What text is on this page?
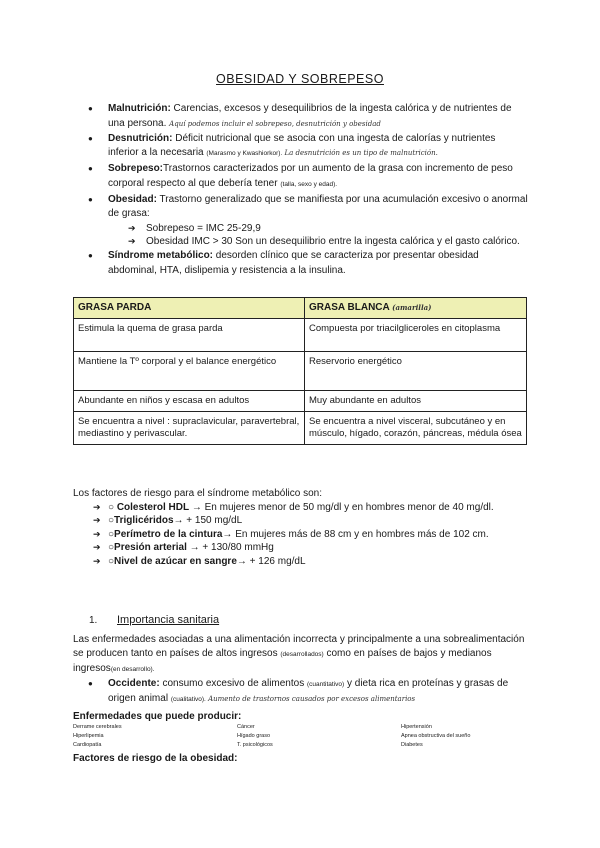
OBESIDAD Y SOBREPESO
● Malnutrición: Carencias, excesos y desequilibrios de la ingesta calórica y de nutrientes de una persona. Aquí podemos incluir el sobrepeso, desnutrición y obesidad
● Desnutrición: Déficit nutricional que se asocia con una ingesta de calorías y nutrientes inferior a la necesaria (Marasmo y Kwashiorkor). La desnutrición es un tipo de malnutrición.
● Sobrepeso:Trastornos caracterizados por un aumento de la grasa con incremento de peso corporal respecto al que debería tener (talla, sexo y edad).
● Obesidad: Trastorno generalizado que se manifiesta por una acumulación excesivo o anormal de grasa:
➔ Sobrepeso = IMC 25-29,9
➔ Obesidad IMC > 30 Son un desequilibrio entre la ingesta calórica y el gasto calórico.
● Síndrome metabólico: desorden clínico que se caracteriza por presentar obesidad abdominal, HTA, dislipemia y resistencia a la insulina.
GRASA PARDA	GRASA BLANCA (amarilla)
Estimula la quema de grasa parda	Compuesta por triacilgliceroles en citoplasma
Mantiene la Tº corporal y el balance energético	Reservorio energético
Abundante en niños y escasa en adultos	Muy abundante en adultos
Se encuentra a nivel : supraclavicular, paravertebral, mediastino y perivascular.	Se encuentra a nivel visceral, subcutáneo y en músculo, hígado, corazón, páncreas, médula ósea
Los factores de riesgo para el síndrome metabólico son:
➔ ○ Colesterol HDL → En mujeres menor de 50 mg/dl y en hombres menor de 40 mg/dl.
➔ ○Triglicéridos→ + 150 mg/dL
➔ ○Perímetro de la cintura→ En mujeres más de 88 cm y en hombres más de 102 cm.
➔ ○Presión arterial → + 130/80 mmHg
➔ ○Nivel de azúcar en sangre→ + 126 mg/dL
1. Importancia sanitaria

Las enfermedades asociadas a una alimentación incorrecta y principalmente a una sobrealimentación se producen tanto en países de altos ingresos (desarrollados) como en países de bajos y medianos ingresos(en desarrollo).

● Occidente: consumo excesivo de alimentos (cuantitativo) y dieta rica en proteínas y grasas de origen animal (cualitativo). Aumento de trastornos causados por excesos alimentarios
Enfermedades que puede producir:
Derrame cerebrales	Cáncer	Hipertensión
Hiperlipemia	Hígado graso	Apnea obstructiva del sueño
Cardiopatía	T. psicológicos	Diabetes
Factores de riesgo de la obesidad:
